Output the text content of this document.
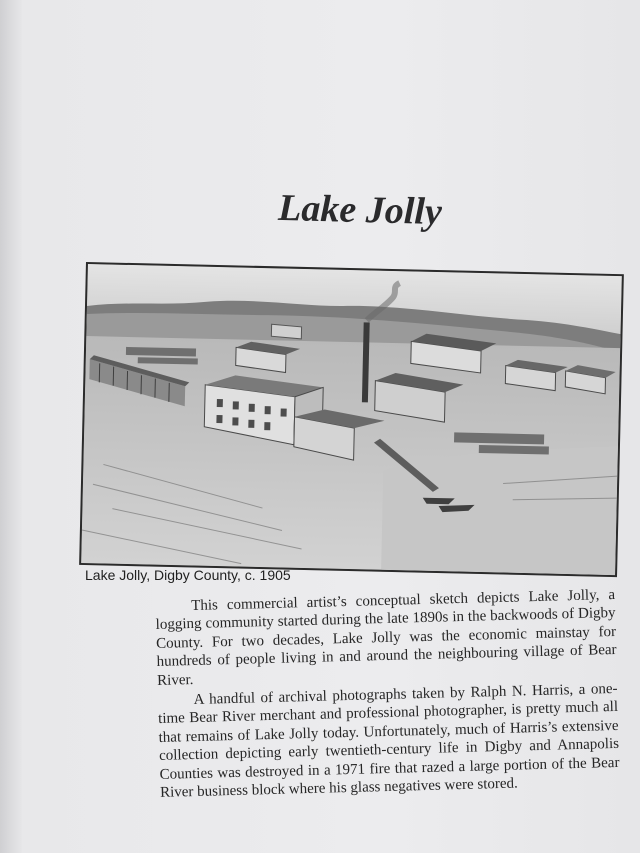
Lake Jolly
Lake Jolly, Digby County, c. 1905

This commercial artist’s conceptual sketch depicts Lake Jolly, a logging community started during the late 1890s in the backwoods of Digby County. For two decades, Lake Jolly was the economic mainstay for hundreds of people living in and around the neighbouring village of Bear River.

A handful of archival photographs taken by Ralph N. Harris, a one-time Bear River merchant and professional photographer, is pretty much all that remains of Lake Jolly today. Unfortunately, much of Harris’s extensive collection depicting early twentieth-century life in Digby and Annapolis Counties was destroyed in a 1971 fire that razed a large portion of the Bear River business block where his glass negatives were stored.
